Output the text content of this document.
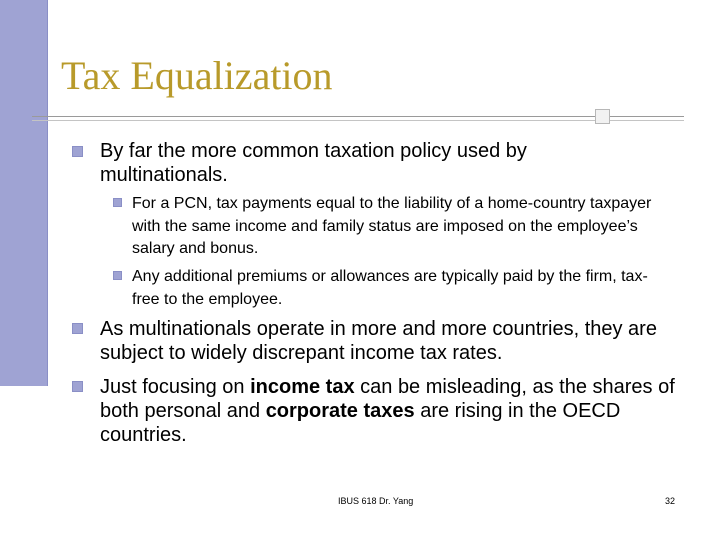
Tax Equalization

By far the more common taxation policy used by multinationals.

For a PCN, tax payments equal to the liability of a home-country taxpayer with the same income and family status are imposed on the employee’s salary and bonus.

Any additional premiums or allowances are typically paid by the firm, tax-free to the employee.

As multinationals operate in more and more countries, they are subject to widely discrepant income tax rates.

Just focusing on income tax can be misleading, as the shares of both personal and corporate taxes are rising in the OECD countries.

IBUS 618 Dr. Yang	32
